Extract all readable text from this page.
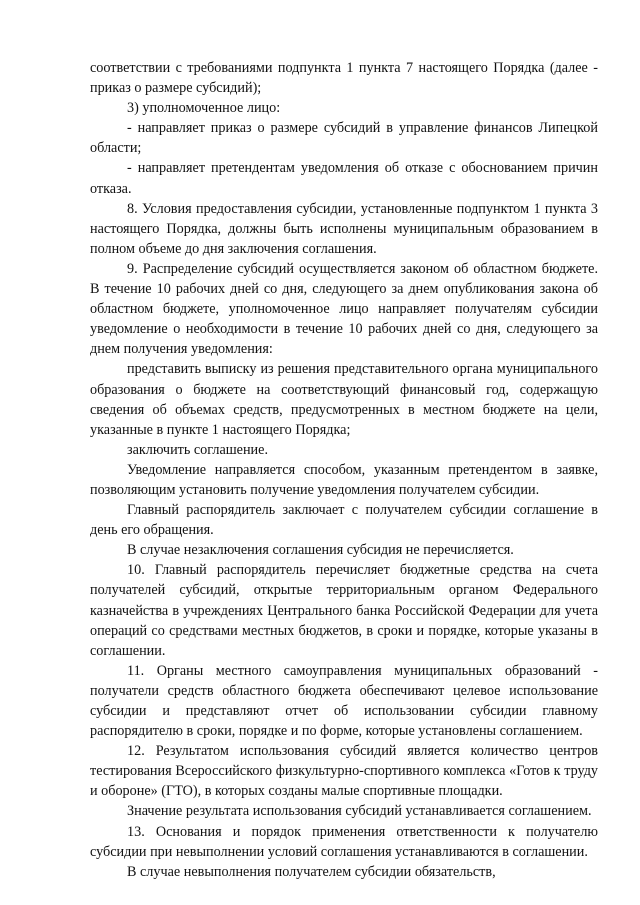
соответствии с требованиями подпункта 1 пункта 7 настоящего Порядка (далее - приказ о размере субсидий);

3) уполномоченное лицо:

- направляет приказ о размере субсидий в управление финансов Липецкой области;

- направляет претендентам уведомления об отказе с обоснованием причин отказа.

8. Условия предоставления субсидии, установленные подпунктом 1 пункта 3 настоящего Порядка, должны быть исполнены муниципальным образованием в полном объеме до дня заключения соглашения.

9. Распределение субсидий осуществляется законом об областном бюджете. В течение 10 рабочих дней со дня, следующего за днем опубликования закона об областном бюджете, уполномоченное лицо направляет получателям субсидии уведомление о необходимости в течение 10 рабочих дней со дня, следующего за днем получения уведомления:

представить выписку из решения представительного органа муниципального образования о бюджете на соответствующий финансовый год, содержащую сведения об объемах средств, предусмотренных в местном бюджете на цели, указанные в пункте 1 настоящего Порядка;

заключить соглашение.

Уведомление направляется способом, указанным претендентом в заявке, позволяющим установить получение уведомления получателем субсидии.

Главный распорядитель заключает с получателем субсидии соглашение в день его обращения.

В случае незаключения соглашения субсидия не перечисляется.

10. Главный распорядитель перечисляет бюджетные средства на счета получателей субсидий, открытые территориальным органом Федерального казначейства в учреждениях Центрального банка Российской Федерации для учета операций со средствами местных бюджетов, в сроки и порядке, которые указаны в соглашении.

11. Органы местного самоуправления муниципальных образований - получатели средств областного бюджета обеспечивают целевое использование субсидии и представляют отчет об использовании субсидии главному распорядителю в сроки, порядке и по форме, которые установлены соглашением.

12. Результатом использования субсидий является количество центров тестирования Всероссийского физкультурно-спортивного комплекса «Готов к труду и обороне» (ГТО), в которых созданы малые спортивные площадки.

Значение результата использования субсидий устанавливается соглашением.

13. Основания и порядок применения ответственности к получателю субсидии при невыполнении условий соглашения устанавливаются в соглашении.

В случае невыполнения получателем субсидии обязательств,
